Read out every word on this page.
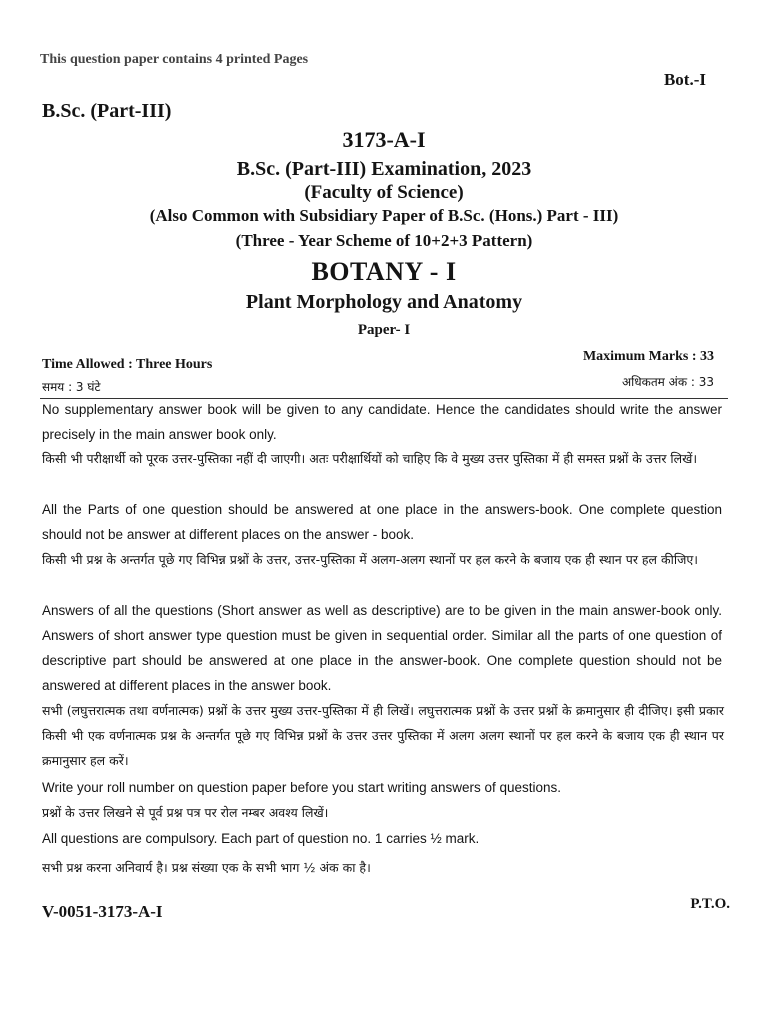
This question paper contains 4 printed Pages
Bot.-I
B.Sc. (Part-III)
3173-A-I
B.Sc. (Part-III) Examination, 2023
(Faculty of Science)
(Also Common with Subsidiary Paper of B.Sc. (Hons.) Part - III)
(Three - Year Scheme of 10+2+3 Pattern)
BOTANY - I
Plant Morphology and Anatomy
Paper- I
Time Allowed : Three Hours
Maximum Marks : 33
समय : 3 घंटे	अधिकतम अंक : 33
No supplementary answer book will be given to any candidate. Hence the candidates should write the answer precisely in the main answer book only.
किसी भी परीक्षार्थी को पूरक उत्तर-पुस्तिका नहीं दी जाएगी। अतः परीक्षार्थियों को चाहिए कि वे मुख्य उत्तर पुस्तिका में ही समस्त प्रश्नों के उत्तर लिखें।
All the Parts of one question should be answered at one place in the answers-book. One complete question should not be answer at different places on the answer - book.
किसी भी प्रश्न के अन्तर्गत पूछे गए विभिन्न प्रश्नों के उत्तर, उत्तर-पुस्तिका में अलग-अलग स्थानों पर हल करने के बजाय एक ही स्थान पर हल कीजिए।
Answers of all the questions (Short answer as well as descriptive) are to be given in the main answer-book only. Answers of short answer type question must be given in sequential order. Similar all the parts of one question of descriptive part should be answered at one place in the answer-book. One complete question should not be answered at different places in the answer book.
सभी (लघुत्तरात्मक तथा वर्णनात्मक) प्रश्नों के उत्तर मुख्य उत्तर-पुस्तिका में ही लिखें। लघुत्तरात्मक प्रश्नों के उत्तर प्रश्नों के क्रमानुसार ही दीजिए। इसी प्रकार किसी भी एक वर्णनात्मक प्रश्न के अन्तर्गत पूछे गए विभिन्न प्रश्नों के उत्तर उत्तर पुस्तिका में अलग अलग स्थानों पर हल करने के बजाय एक ही स्थान पर क्रमानुसार हल करें।
Write your roll number on question paper before you start writing answers of questions.
प्रश्नों के उत्तर लिखने से पूर्व प्रश्न पत्र पर रोल नम्बर अवश्य लिखें।
All questions are compulsory. Each part of question no. 1 carries ½ mark.
सभी प्रश्न करना अनिवार्य है। प्रश्न संख्या एक के सभी भाग ½ अंक का है।
V-0051-3173-A-I	P.T.O.
